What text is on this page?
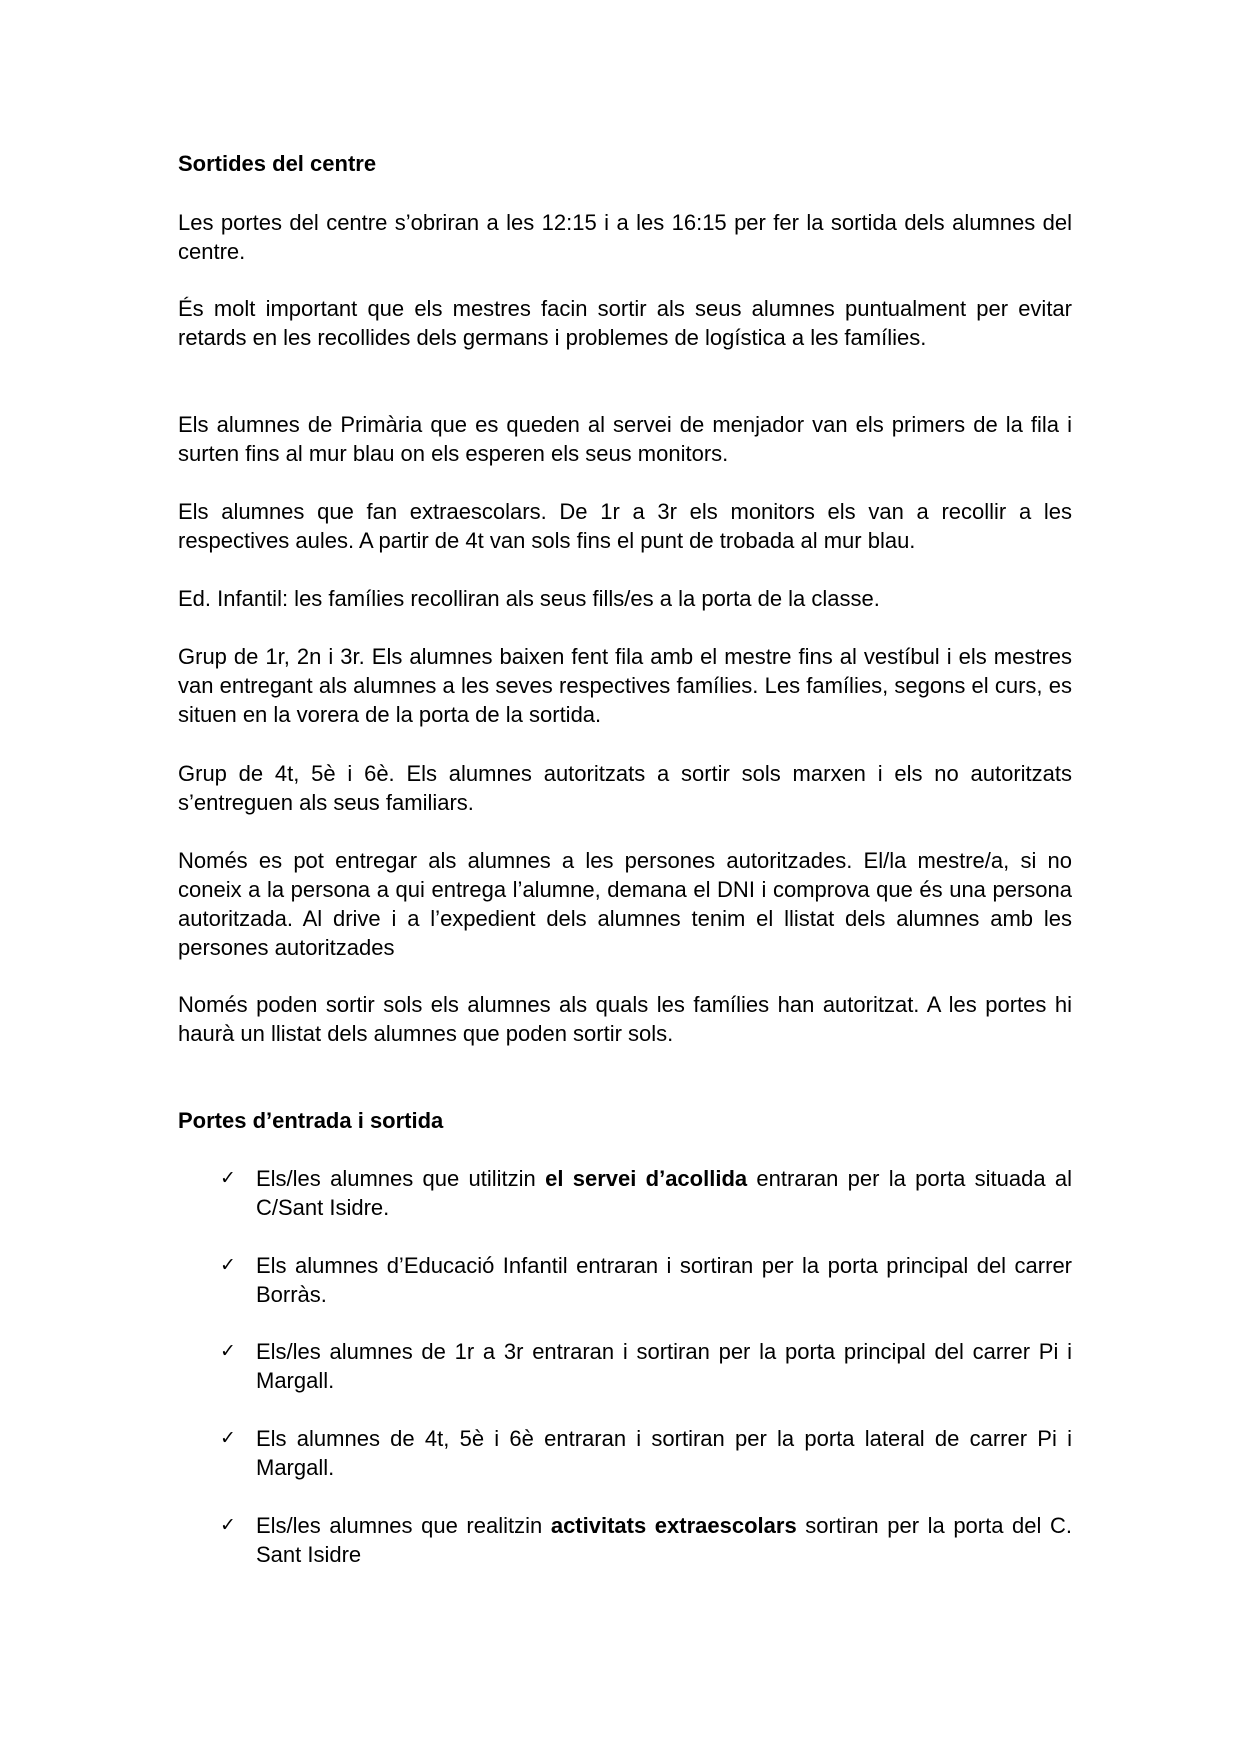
Sortides del centre
Les portes del centre s’obriran a les 12:15 i a les 16:15 per fer la sortida dels alumnes del centre.
És molt important que els mestres facin sortir als seus alumnes puntualment per evitar retards en les recollides dels germans i problemes de logística a les famílies.
Els alumnes de Primària que es queden al servei de menjador van els primers de la fila i surten fins al mur blau on els esperen els seus monitors.
Els alumnes que fan extraescolars. De 1r a 3r els monitors els van a recollir a les respectives aules. A partir de 4t van sols fins el punt de trobada al mur blau.
Ed. Infantil: les famílies recolliran als seus fills/es a la porta de la classe.
Grup de 1r, 2n i 3r. Els alumnes baixen fent fila amb el mestre fins al vestíbul i els mestres van entregant als alumnes a les seves respectives famílies. Les famílies, segons el curs, es situen en la vorera de la porta de la sortida.
Grup de 4t, 5è i 6è. Els alumnes autoritzats a sortir sols marxen i els no autoritzats s’entreguen als seus familiars.
Només es pot entregar als alumnes a les persones autoritzades. El/la mestre/a, si no coneix a la persona a qui entrega l’alumne, demana el DNI i comprova que és una persona autoritzada. Al drive i a l’expedient dels alumnes tenim el llistat dels alumnes amb les persones autoritzades
Només poden sortir sols els alumnes als quals les famílies han autoritzat. A les portes hi haurà un llistat dels alumnes que poden sortir sols.
Portes d’entrada i sortida
✓ Els/les alumnes que utilitzin el servei d’acollida entraran per la porta situada al C/Sant Isidre.
✓ Els alumnes d’Educació Infantil entraran i sortiran per la porta principal del carrer Borràs.
✓ Els/les alumnes de 1r a 3r entraran i sortiran per la porta principal del carrer Pi i Margall.
✓ Els alumnes de 4t, 5è i 6è entraran i sortiran per la porta lateral de carrer Pi i Margall.
✓ Els/les alumnes que realitzin activitats extraescolars sortiran per la porta del C. Sant Isidre
